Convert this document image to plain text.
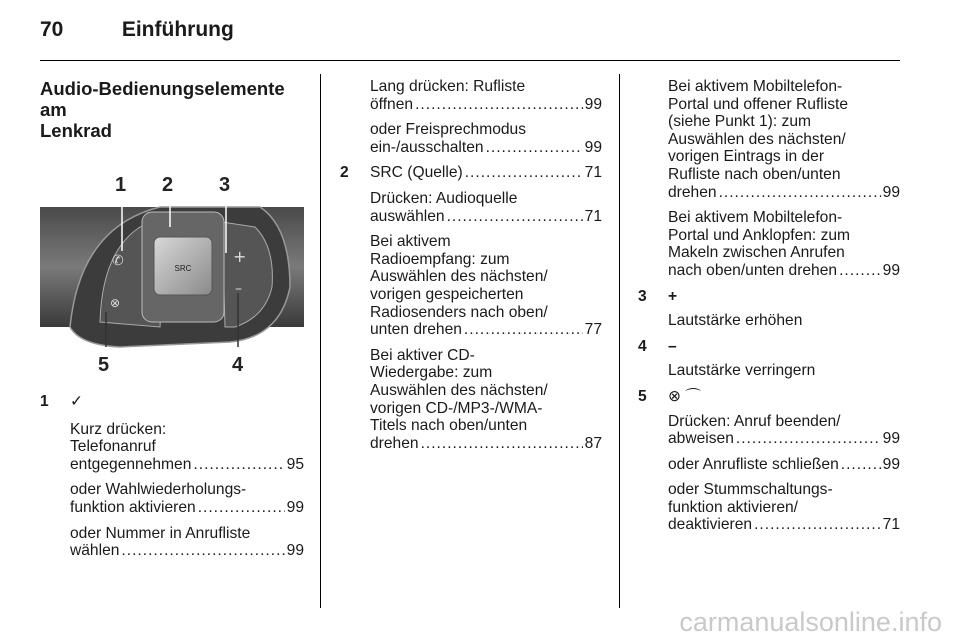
70	Einführung
Audio-Bedienungselemente am
Lenkrad
SRC
✆	+
–
⊗
1 2 3
4
5
1 ✓
Kurz drücken:
Telefonanruf
entgegennehmen .....	95
oder Wahlwiederholungs-
funktion aktivieren .....	99
oder Nummer in Anrufliste
wählen .....	99
Lang drücken: Rufliste
öffnen .....	99
oder Freisprechmodus
ein-/ausschalten .....	99
2 SRC (Quelle) .....	71
Drücken: Audioquelle
auswählen .....	71
Bei aktivem
Radioempfang: zum
Auswählen des nächsten/
vorigen gespeicherten
Radiosenders nach oben/
unten drehen .....	77
Bei aktiver CD-
Wiedergabe: zum
Auswählen des nächsten/
vorigen CD-/MP3-/WMA-
Titels nach oben/unten
drehen .....	87
Bei aktivem Mobiltelefon-
Portal und offener Rufliste
(siehe Punkt 1): zum
Auswählen des nächsten/
vorigen Eintrags in der
Rufliste nach oben/unten
drehen .....	99
Bei aktivem Mobiltelefon-
Portal und Anklopfen: zum
Makeln zwischen Anrufen
nach oben/unten drehen .....	99
3 +
Lautstärke erhöhen
4 –
Lautstärke verringern
5 ⊗ ⌒
Drücken: Anruf beenden/
abweisen .....	99
oder Anrufliste schließen .....	99
oder Stummschaltungs-
funktion aktivieren/
deaktivieren .....	71
carmanualsonline.info
